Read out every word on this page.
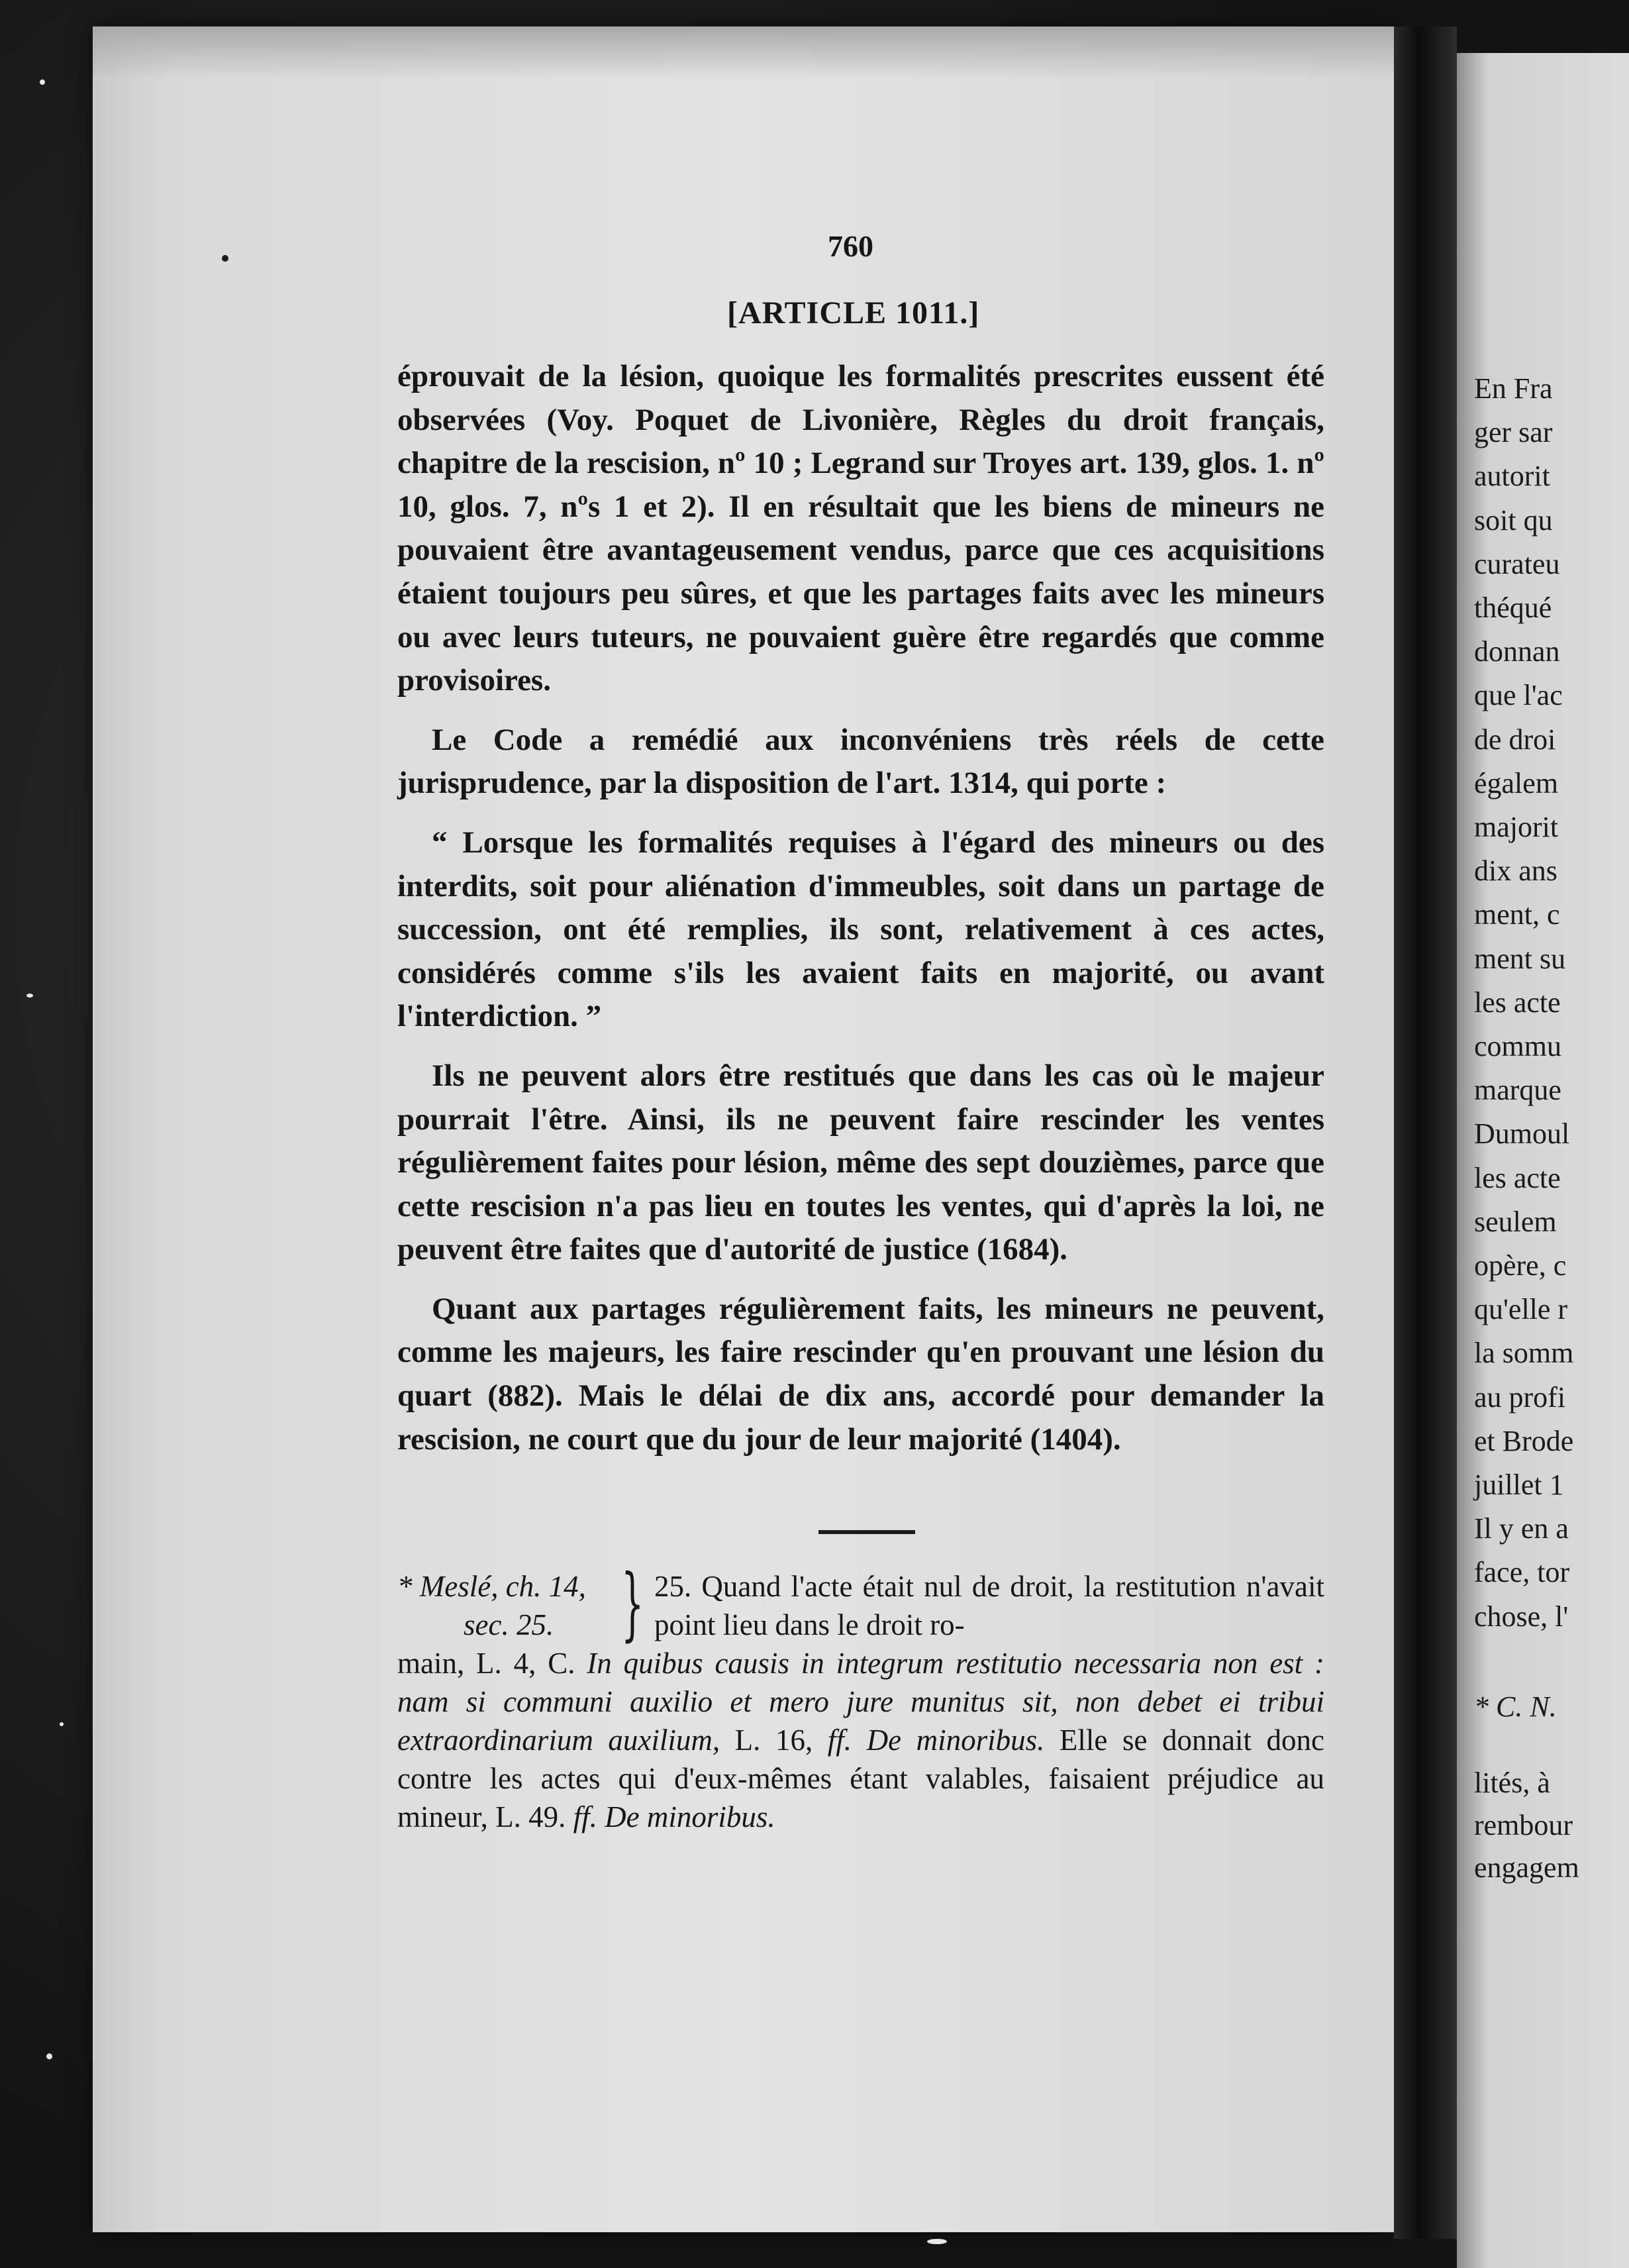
En Fra
ger sar
autorit
soit qu
curateu
théqué
donnan
que l'ac
de droi
égalem
majorit
dix ans
ment, c
ment su
les acte
commu
marque
Dumoul
les acte
seulem
opère, c
qu'elle r
la somm
au profi
et Brode
juillet 1
Il y en a
face, tor
chose, l'
* C. N.
lités, à
rembour
engagem
760
[ARTICLE 1011.]

éprouvait de la lésion, quoique les formalités prescrites eussent été observées (Voy. Poquet de Livonière, Règles du droit français, chapitre de la rescision, nº 10 ; Legrand sur Troyes art. 139, glos. 1. nº 10, glos. 7, nºs 1 et 2). Il en résultait que les biens de mineurs ne pouvaient être avantageusement vendus, parce que ces acquisitions étaient toujours peu sûres, et que les partages faits avec les mineurs ou avec leurs tuteurs, ne pouvaient guère être regardés que comme provisoires.

Le Code a remédié aux inconvéniens très réels de cette jurisprudence, par la disposition de l'art. 1314, qui porte :

“ Lorsque les formalités requises à l'égard des mineurs ou des interdits, soit pour aliénation d'immeubles, soit dans un partage de succession, ont été remplies, ils sont, relativement à ces actes, considérés comme s'ils les avaient faits en majorité, ou avant l'interdiction. ”

Ils ne peuvent alors être restitués que dans les cas où le majeur pourrait l'être. Ainsi, ils ne peuvent faire rescinder les ventes régulièrement faites pour lésion, même des sept douzièmes, parce que cette rescision n'a pas lieu en toutes les ventes, qui d'après la loi, ne peuvent être faites que d'autorité de justice (1684).

Quant aux partages régulièrement faits, les mineurs ne peuvent, comme les majeurs, les faire rescinder qu'en prouvant une lésion du quart (882). Mais le délai de dix ans, accordé pour demander la rescision, ne court que du jour de leur majorité (1404).

* Meslé, ch. 14,
sec. 25. } 25. Quand l'acte était nul de droit, la restitution n'avait point lieu dans le droit ro-

main, L. 4, C. In quibus causis in integrum restitutio necessaria non est : nam si communi auxilio et mero jure munitus sit, non debet ei tribui extraordinarium auxilium, L. 16, ff. De minoribus. Elle se donnait donc contre les actes qui d'eux-mêmes étant valables, faisaient préjudice au mineur, L. 49. ff. De minoribus.
